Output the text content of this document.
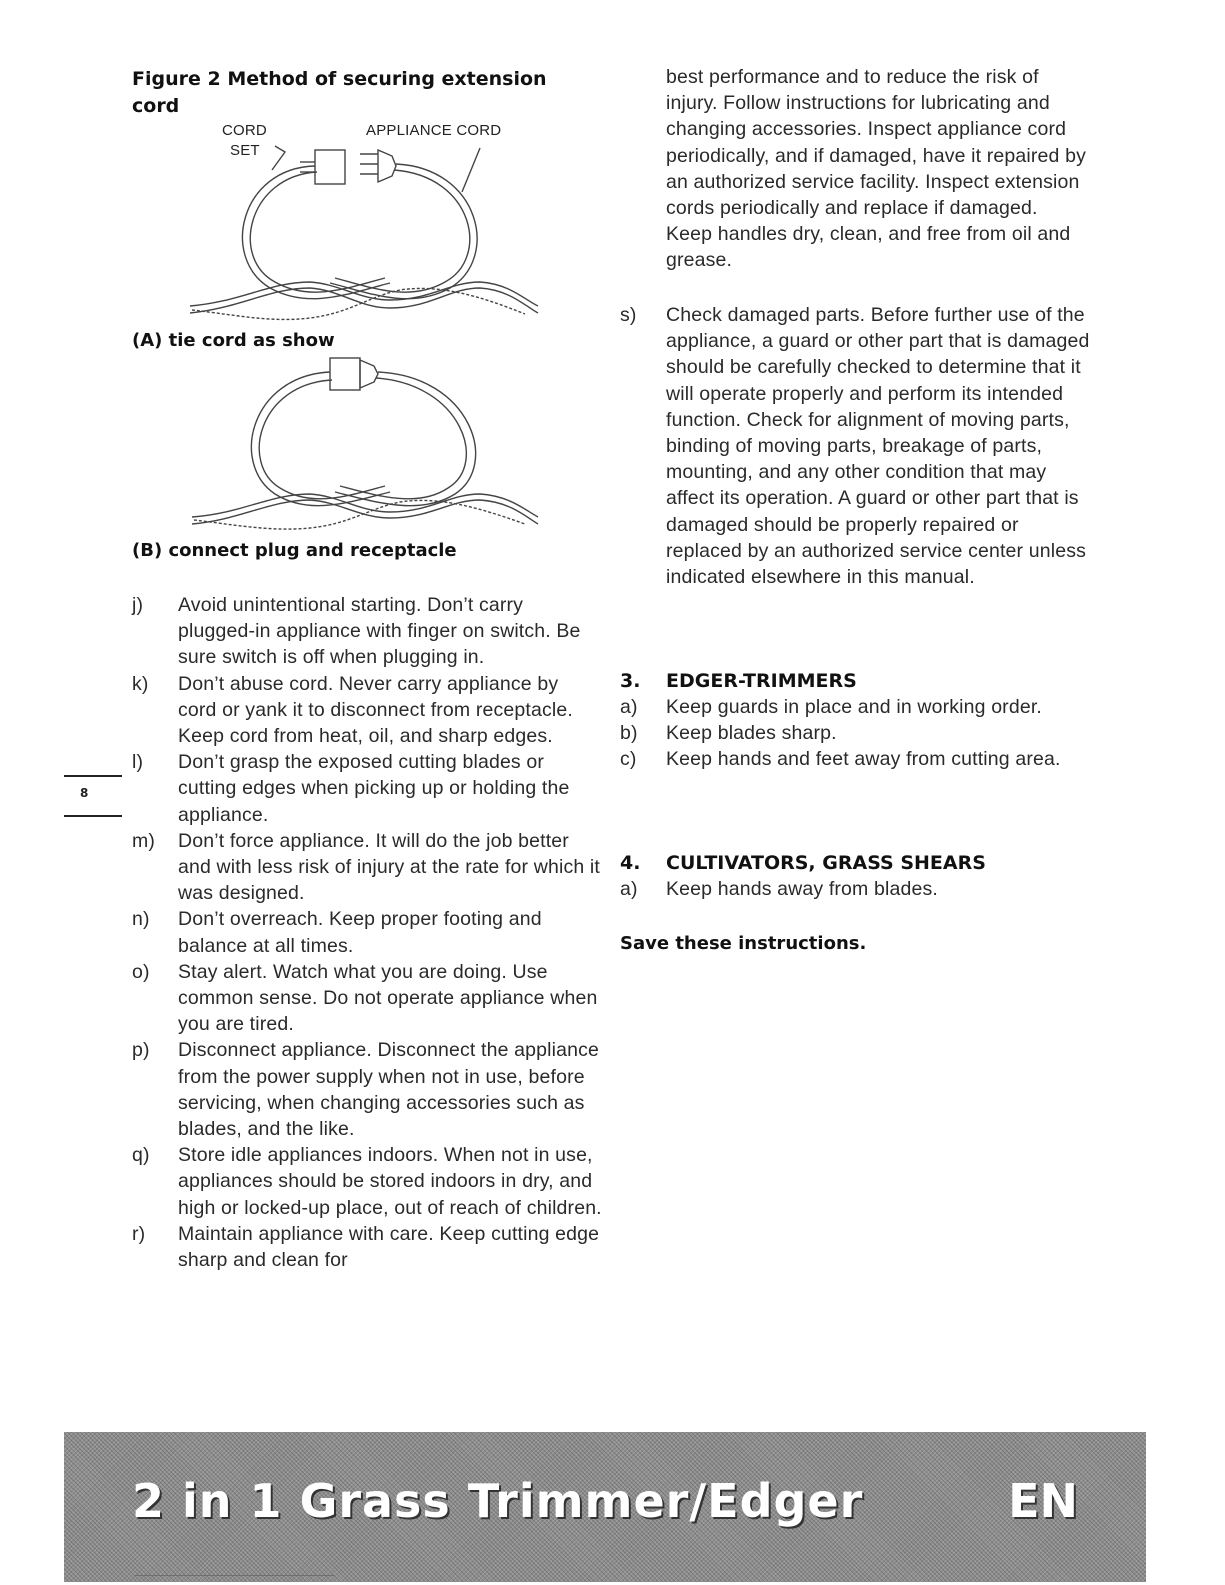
Figure 2 Method of securing extension cord
CORD
SET
APPLIANCE CORD
(A) tie cord as show
(B) connect plug and receptacle
j)	Avoid unintentional starting. Don’t carry plugged-in appliance with finger on switch. Be sure switch is off when plugging in.
k)	Don’t abuse cord. Never carry appliance by cord or yank it to disconnect from receptacle. Keep cord from heat, oil, and sharp edges.
l)	Don’t grasp the exposed cutting blades or cutting edges when picking up or holding the appliance.
m)	Don’t force appliance. It will do the job better and with less risk of injury at the rate for which it was designed.
n)	Don’t overreach. Keep proper footing and balance at all times.
o)	Stay alert. Watch what you are doing. Use common sense. Do not operate appliance when you are tired.
p)	Disconnect appliance. Disconnect the appliance from the power supply when not in use, before servicing, when changing accessories such as blades, and the like.
q)	Store idle appliances indoors. When not in use, appliances should be stored indoors in dry, and high or locked-up place, out of reach of children.
r)	Maintain appliance with care. Keep cutting edge sharp and clean for
8

best performance and to reduce the risk of injury. Follow instructions for lubricating and changing accessories. Inspect appliance cord periodically, and if damaged, have it repaired by an authorized service facility. Inspect extension cords periodically and replace if damaged. Keep handles dry, clean, and free from oil and grease.

s)	Check damaged parts. Before further use of the appliance, a guard or other part that is damaged should be carefully checked to determine that it will operate properly and perform its intended function. Check for alignment of moving parts, binding of moving parts, breakage of parts, mounting, and any other condition that may affect its operation. A guard or other part that is damaged should be properly repaired or replaced by an authorized service center unless indicated elsewhere in this manual.
3.	EDGER-TRIMMERS
a)	Keep guards in place and in working order.
b)	Keep blades sharp.
c)	Keep hands and feet away from cutting area.
4.	CULTIVATORS, GRASS SHEARS
a)	Keep hands away from blades.
Save these instructions.
2 in 1 Grass Trimmer/Edger	EN
